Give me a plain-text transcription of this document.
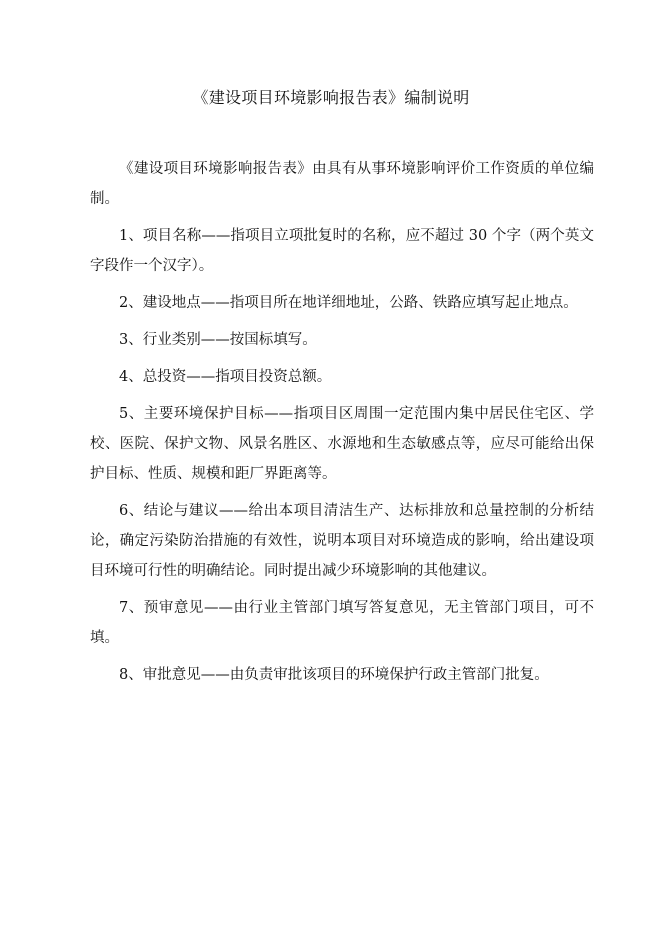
《建设项目环境影响报告表》编制说明

《建设项目环境影响报告表》由具有从事环境影响评价工作资质的单位编制。

1、项目名称——指项目立项批复时的名称，应不超过 30 个字（两个英文字段作一个汉字）。

2、建设地点——指项目所在地详细地址，公路、铁路应填写起止地点。

3、行业类别——按国标填写。

4、总投资——指项目投资总额。

5、主要环境保护目标——指项目区周围一定范围内集中居民住宅区、学校、医院、保护文物、风景名胜区、水源地和生态敏感点等，应尽可能给出保护目标、性质、规模和距厂界距离等。

6、结论与建议——给出本项目清洁生产、达标排放和总量控制的分析结论，确定污染防治措施的有效性，说明本项目对环境造成的影响，给出建设项目环境可行性的明确结论。同时提出减少环境影响的其他建议。

7、预审意见——由行业主管部门填写答复意见，无主管部门项目，可不填。

8、审批意见——由负责审批该项目的环境保护行政主管部门批复。
